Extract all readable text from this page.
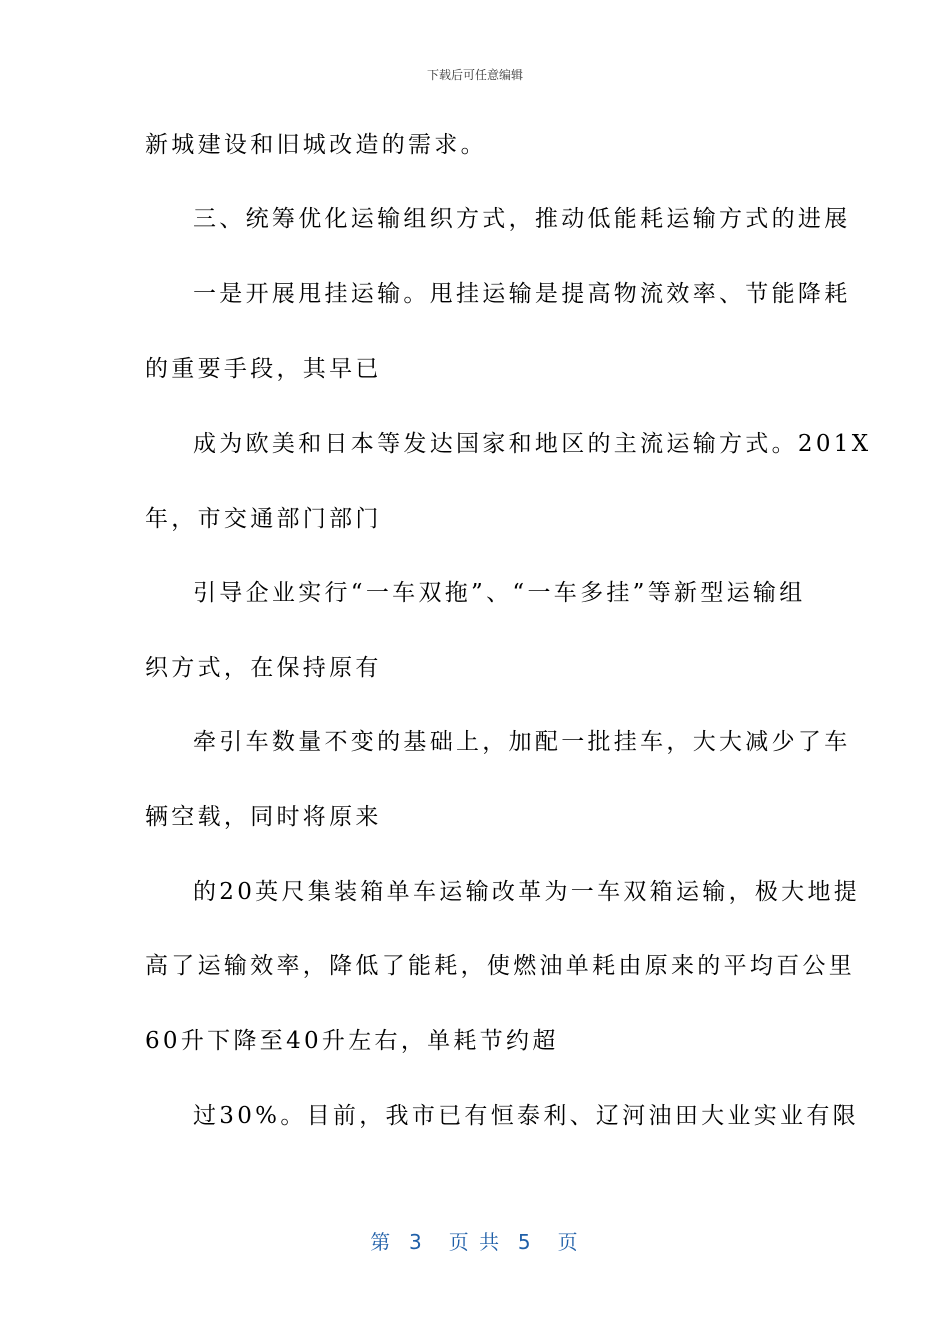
下载后可任意编辑
新城建设和旧城改造的需求。
三、统筹优化运输组织方式，推动低能耗运输方式的进展
一是开展甩挂运输。甩挂运输是提高物流效率、节能降耗
的重要手段，其早已
成为欧美和日本等发达国家和地区的主流运输方式。201X
年，市交通部门部门
引导企业实行“一车双拖”、“一车多挂”等新型运输组
织方式，在保持原有
牵引车数量不变的基础上，加配一批挂车，大大减少了车
辆空载，同时将原来
的20英尺集装箱单车运输改革为一车双箱运输，极大地提
高了运输效率，降低了能耗，使燃油单耗由原来的平均百公里
60升下降至40升左右，单耗节约超
过30%。目前，我市已有恒泰利、辽河油田大业实业有限
第  3   页 共  5   页
